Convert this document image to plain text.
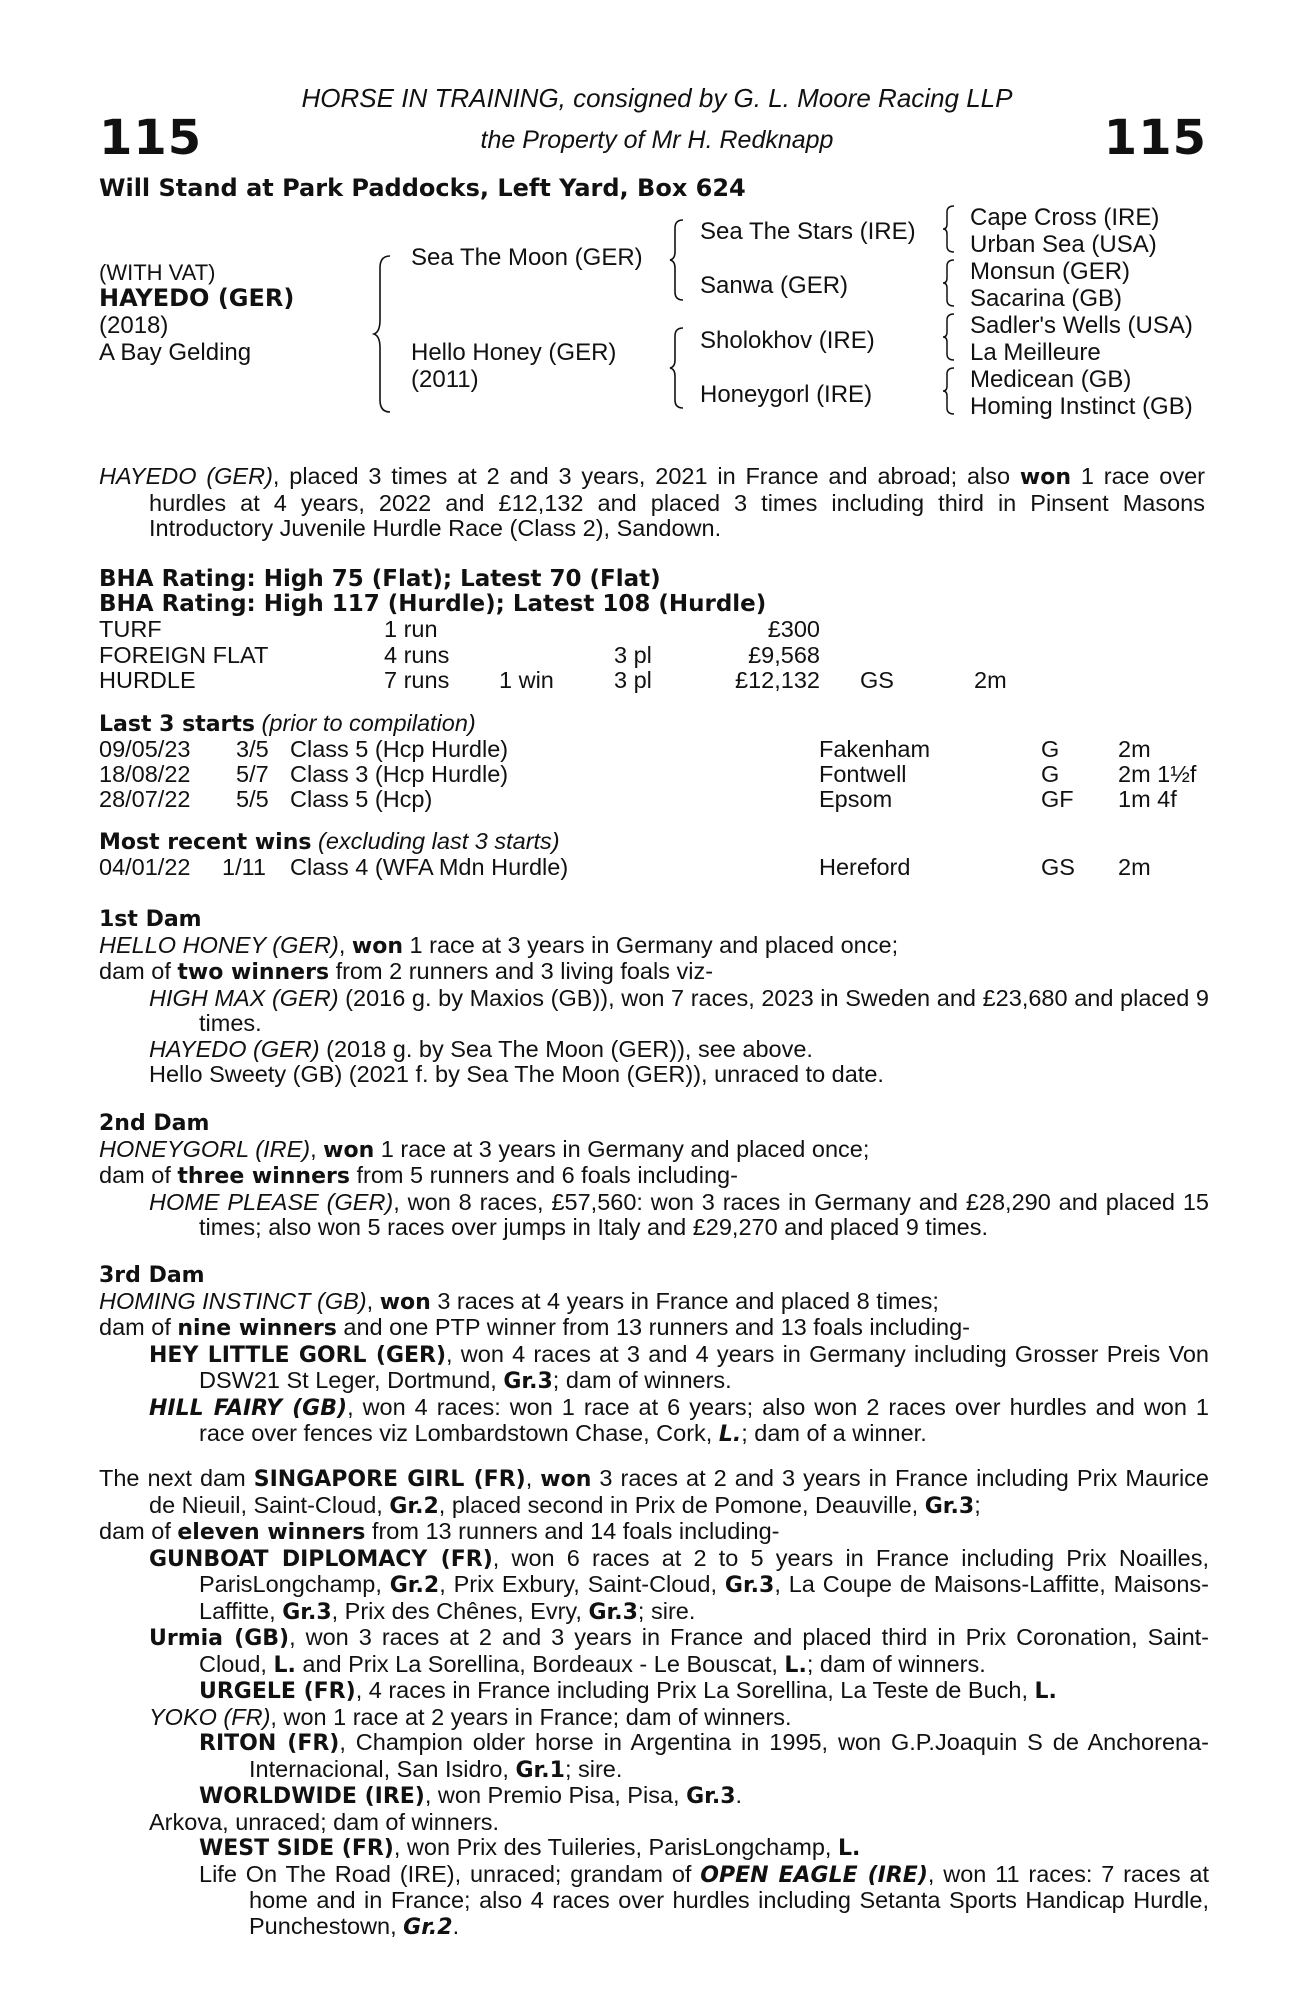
115	115
HORSE IN TRAINING, consigned by G. L. Moore Racing LLP
the Property of Mr H. Redknapp
Will Stand at Park Paddocks, Left Yard, Box 624
(WITH VAT)
HAYEDO (GER)
(2018)
A Bay Gelding
Sea The Moon (GER)
Hello Honey (GER)
(2011)
Sea The Stars (IRE)
Sanwa (GER)
Sholokhov (IRE)
Honeygorl (IRE)
Cape Cross (IRE)
Urban Sea (USA)
Monsun (GER)
Sacarina (GB)
Sadler's Wells (USA)
La Meilleure
Medicean (GB)
Homing Instinct (GB)

HAYEDO (GER), placed 3 times at 2 and 3 years, 2021 in France and abroad; also won 1 race over hurdles at 4 years, 2022 and £12,132 and placed 3 times including third in Pinsent Masons Introductory Juvenile Hurdle Race (Class 2), Sandown.

BHA Rating: High 75 (Flat); Latest 70 (Flat)
BHA Rating: High 117 (Hurdle); Latest 108 (Hurdle)
TURF	1 run	£300
FOREIGN FLAT	4 runs	3 pl	£9,568
HURDLE	7 runs 1 win	3 pl	£12,132 GS	2m
Last 3 starts (prior to compilation)
09/05/23 3/5 Class 5 (Hcp Hurdle)	Fakenham	G 2m
18/08/22 5/7 Class 3 (Hcp Hurdle)	Fontwell	G 2m 1½f
28/07/22 5/5 Class 5 (Hcp)	Epsom	GF 1m 4f
Most recent wins (excluding last 3 starts)
04/01/22 1/11 Class 4 (WFA Mdn Hurdle)	Hereford	GS 2m

1st Dam

HELLO HONEY (GER), won 1 race at 3 years in Germany and placed once;

dam of two winners from 2 runners and 3 living foals viz-

HIGH MAX (GER) (2016 g. by Maxios (GB)), won 7 races, 2023 in Sweden and £23,680 and placed 9 times.

HAYEDO (GER) (2018 g. by Sea The Moon (GER)), see above.

Hello Sweety (GB) (2021 f. by Sea The Moon (GER)), unraced to date.

2nd Dam

HONEYGORL (IRE), won 1 race at 3 years in Germany and placed once;

dam of three winners from 5 runners and 6 foals including-

HOME PLEASE (GER), won 8 races, £57,560: won 3 races in Germany and £28,290 and placed 15 times; also won 5 races over jumps in Italy and £29,270 and placed 9 times.

3rd Dam

HOMING INSTINCT (GB), won 3 races at 4 years in France and placed 8 times;

dam of nine winners and one PTP winner from 13 runners and 13 foals including-

HEY LITTLE GORL (GER), won 4 races at 3 and 4 years in Germany including Grosser Preis Von DSW21 St Leger, Dortmund, Gr.3; dam of winners.

HILL FAIRY (GB), won 4 races: won 1 race at 6 years; also won 2 races over hurdles and won 1 race over fences viz Lombardstown Chase, Cork, L.; dam of a winner.

The next dam SINGAPORE GIRL (FR), won 3 races at 2 and 3 years in France including Prix Maurice de Nieuil, Saint-Cloud, Gr.2, placed second in Prix de Pomone, Deauville, Gr.3;

dam of eleven winners from 13 runners and 14 foals including-

GUNBOAT DIPLOMACY (FR), won 6 races at 2 to 5 years in France including Prix Noailles, ParisLongchamp, Gr.2, Prix Exbury, Saint-Cloud, Gr.3, La Coupe de Maisons-Laffitte, Maisons-Laffitte, Gr.3, Prix des Chênes, Evry, Gr.3; sire.

Urmia (GB), won 3 races at 2 and 3 years in France and placed third in Prix Coronation, Saint-Cloud, L. and Prix La Sorellina, Bordeaux - Le Bouscat, L.; dam of winners.

URGELE (FR), 4 races in France including Prix La Sorellina, La Teste de Buch, L.

YOKO (FR), won 1 race at 2 years in France; dam of winners.

RITON (FR), Champion older horse in Argentina in 1995, won G.P.Joaquin S de Anchorena-Internacional, San Isidro, Gr.1; sire.

WORLDWIDE (IRE), won Premio Pisa, Pisa, Gr.3.

Arkova, unraced; dam of winners.

WEST SIDE (FR), won Prix des Tuileries, ParisLongchamp, L.

Life On The Road (IRE), unraced; grandam of OPEN EAGLE (IRE), won 11 races: 7 races at home and in France; also 4 races over hurdles including Setanta Sports Handicap Hurdle, Punchestown, Gr.2.
